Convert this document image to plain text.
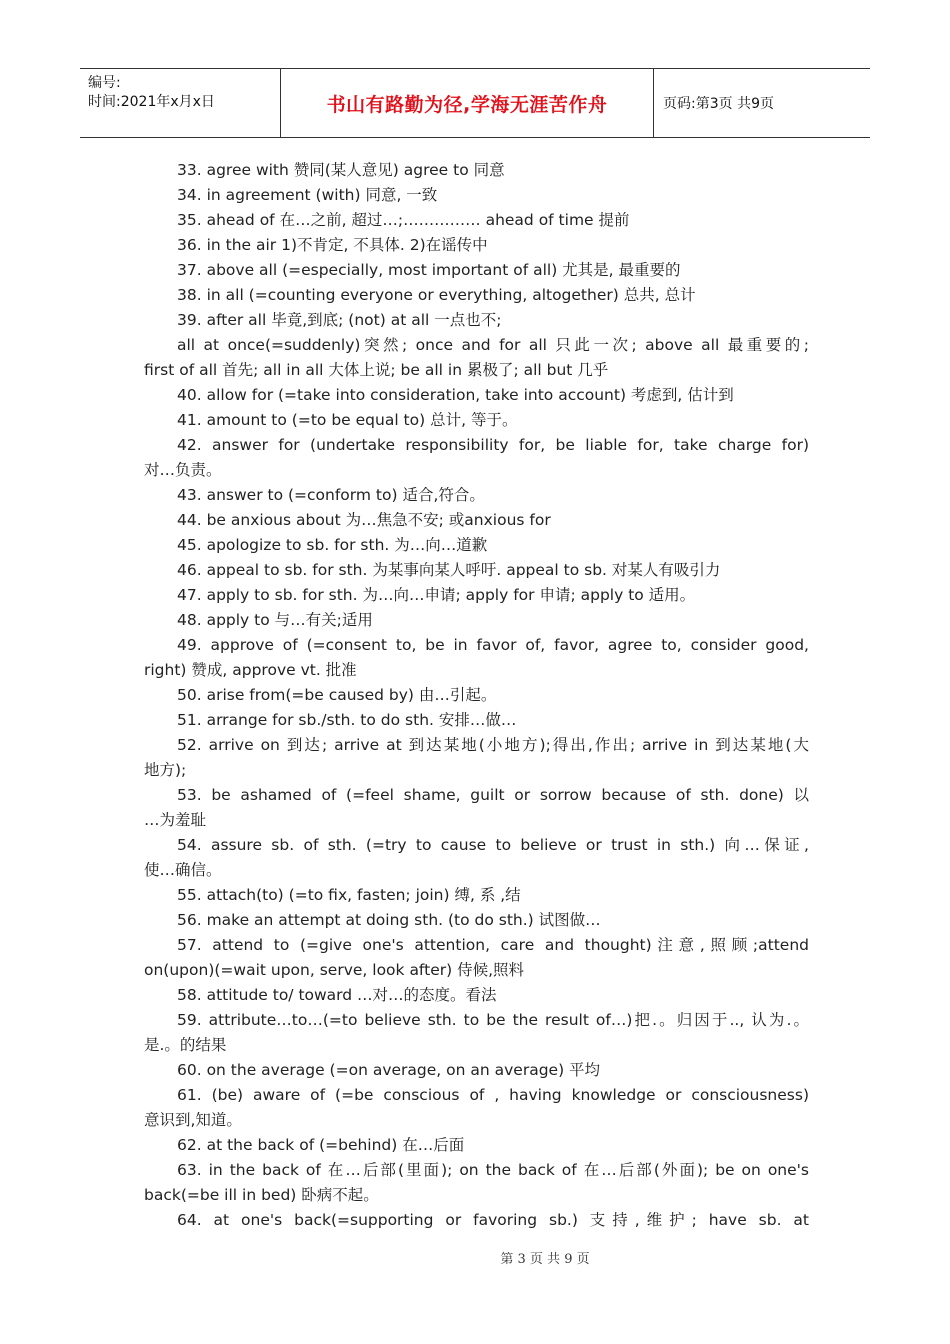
编号:
时间:2021年x月x日	书山有路勤为径,学海无涯苦作舟	页码:第3页 共9页
33. agree with 赞同(某人意见) agree to 同意
34. in agreement (with) 同意, 一致
35. ahead of 在…之前, 超过…;…………… ahead of time 提前
36. in the air 1)不肯定, 不具体. 2)在谣传中
37. above all (=especially, most important of all) 尤其是, 最重要的
38. in all (=counting everyone or everything, altogether) 总共, 总计
39. after all 毕竟,到底; (not) at all 一点也不;
all at once(=suddenly)突然; once and for all 只此一次; above all 最重要的;
first of all 首先; all in all 大体上说; be all in 累极了; all but 几乎
40. allow for (=take into consideration, take into account) 考虑到, 估计到
41. amount to (=to be equal to) 总计, 等于。
42. answer for (undertake responsibility for, be liable for, take charge for)
对…负责。
43. answer to (=conform to) 适合,符合。
44. be anxious about 为…焦急不安; 或anxious for
45. apologize to sb. for sth. 为…向…道歉
46. appeal to sb. for sth. 为某事向某人呼吁. appeal to sb. 对某人有吸引力
47. apply to sb. for sth. 为…向…申请; apply for 申请; apply to 适用。
48. apply to 与…有关;适用
49. approve of (=consent to, be in favor of, favor, agree to, consider good,
right) 赞成, approve vt. 批准
50. arise from(=be caused by) 由…引起。
51. arrange for sb./sth. to do sth. 安排…做…
52. arrive on 到达; arrive at 到达某地(小地方);得出,作出; arrive in 到达某地(大
地方);
53. be ashamed of (=feel shame, guilt or sorrow because of sth. done) 以
…为羞耻
54. assure sb. of sth. (=try to cause to believe or trust in sth.) 向…保证,
使…确信。
55. attach(to) (=to fix, fasten; join) 缚, 系 ,结
56. make an attempt at doing sth. (to do sth.) 试图做…
57. attend to (=give one's attention, care and thought)注意,照顾;attend
on(upon)(=wait upon, serve, look after) 侍候,照料
58. attitude to/ toward …对…的态度。看法
59. attribute…to…(=to believe sth. to be the result of…)把.。归因于.., 认为.。
是.。的结果
60. on the average (=on average, on an average) 平均
61. (be) aware of (=be conscious of , having knowledge or consciousness)
意识到,知道。
62. at the back of (=behind) 在…后面
63. in the back of 在…后部(里面); on the back of 在…后部(外面); be on one's
back(=be ill in bed) 卧病不起。
64. at one's back(=supporting or favoring sb.) 支持,维护; have sb. at
第 3 页 共 9 页
